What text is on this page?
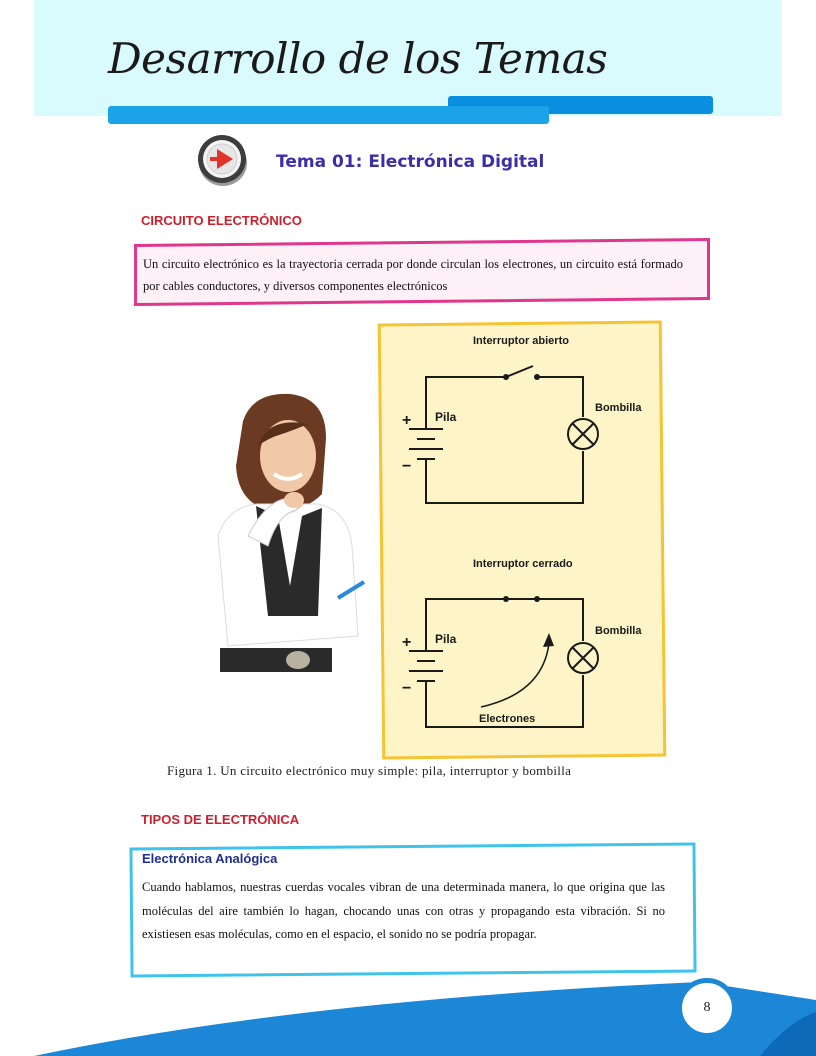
Desarrollo de los Temas
Tema 01: Electrónica Digital
CIRCUITO ELECTRÓNICO
Un circuito electrónico es la trayectoria cerrada por donde circulan los electrones, un circuito está formado por cables conductores, y diversos componentes electrónicos
Interruptor abierto
Pila
Bombilla
+
−
Interruptor cerrado
Pila
Bombilla
+
−
Electrones
Figura 1. Un circuito electrónico muy simple: pila, interruptor y bombilla
TIPOS DE ELECTRÓNICA
Electrónica Analógica
Cuando hablamos, nuestras cuerdas vocales vibran de una determinada manera, lo que origina que las moléculas del aire también lo hagan, chocando unas con otras y propagando esta vibración. Si no existiesen esas moléculas, como en el espacio, el sonido no se podría propagar.
8
